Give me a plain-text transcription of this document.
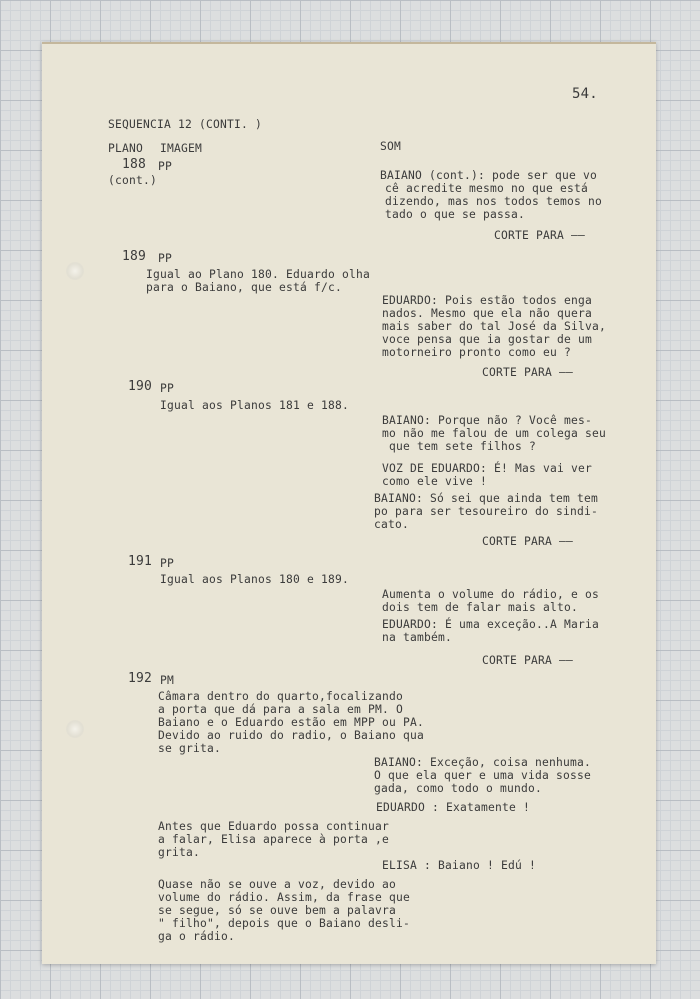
54.
SEQUENCIA 12 (CONTI. )
PLANO IMAGEM	SOM
188 PP
(cont.)	BAIANO (cont.): pode ser que vo
cê acredite mesmo no que está
dizendo, mas nos todos temos no
tado o que se passa.
CORTE PARA ——
189 PP
Igual ao Plano 180. Eduardo olha
para o Baiano, que está f/c.
EDUARDO: Pois estão todos enga
nados. Mesmo que ela não quera
mais saber do tal José da Silva,
voce pensa que ia gostar de um
motorneiro pronto como eu ?
CORTE PARA ——
190 PP
Igual aos Planos 181 e 188.
BAIANO: Porque não ? Você mes-
mo não me falou de um colega seu
que tem sete filhos ?
VOZ DE EDUARDO: É! Mas vai ver
como ele vive !
BAIANO: Só sei que ainda tem tem
po para ser tesoureiro do sindi-
cato.
CORTE PARA ——
191 PP
Igual aos Planos 180 e 189.
Aumenta o volume do rádio, e os
dois tem de falar mais alto.
EDUARDO: É uma exceção..A Maria
na também.
CORTE PARA ——
192 PM
Câmara dentro do quarto,focalizando
a porta que dá para a sala em PM. O
Baiano e o Eduardo estão em MPP ou PA.
Devido ao ruido do radio, o Baiano qua
se grita.
BAIANO: Exceção, coisa nenhuma.
O que ela quer e uma vida sosse
gada, como todo o mundo.
EDUARDO : Exatamente !
Antes que Eduardo possa continuar
a falar, Elisa aparece à porta ,e
grita.
ELISA : Baiano ! Edú !
Quase não se ouve a voz, devido ao
volume do rádio. Assim, da frase que
se segue, só se ouve bem a palavra
" filho", depois que o Baiano desli-
ga o rádio.
